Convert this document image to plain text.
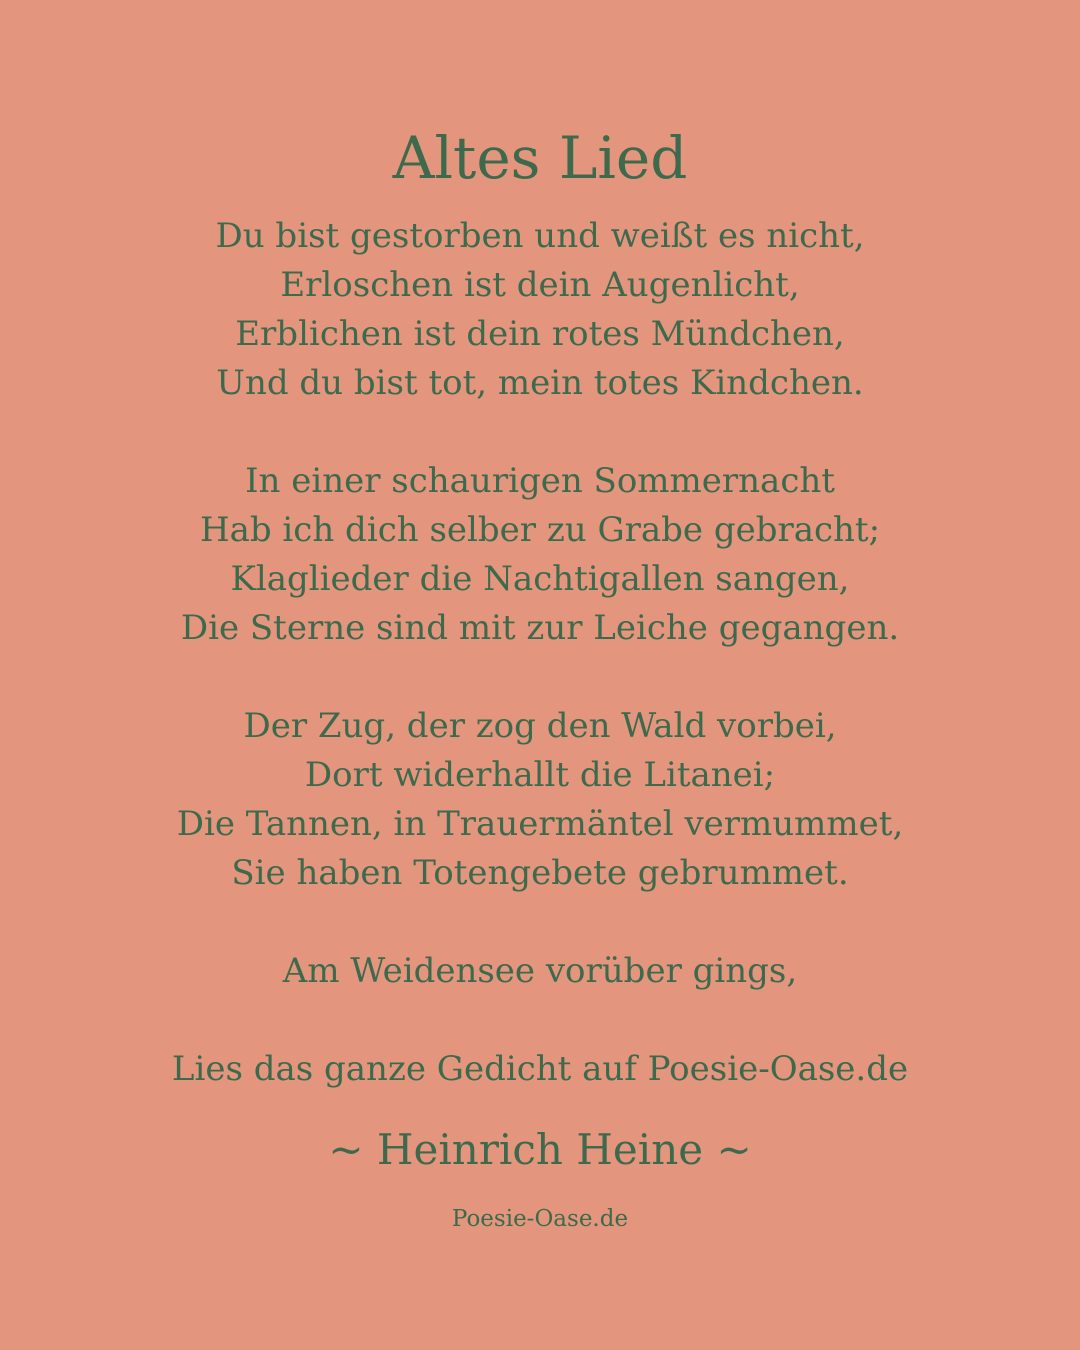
Altes Lied
Du bist gestorben und weißt es nicht,
Erloschen ist dein Augenlicht,
Erblichen ist dein rotes Mündchen,
Und du bist tot, mein totes Kindchen.
In einer schaurigen Sommernacht
Hab ich dich selber zu Grabe gebracht;
Klaglieder die Nachtigallen sangen,
Die Sterne sind mit zur Leiche gegangen.
Der Zug, der zog den Wald vorbei,
Dort widerhallt die Litanei;
Die Tannen, in Trauermäntel vermummet,
Sie haben Totengebete gebrummet.
Am Weidensee vorüber gings,
Lies das ganze Gedicht auf Poesie-Oase.de
~ Heinrich Heine ~
Poesie-Oase.de
